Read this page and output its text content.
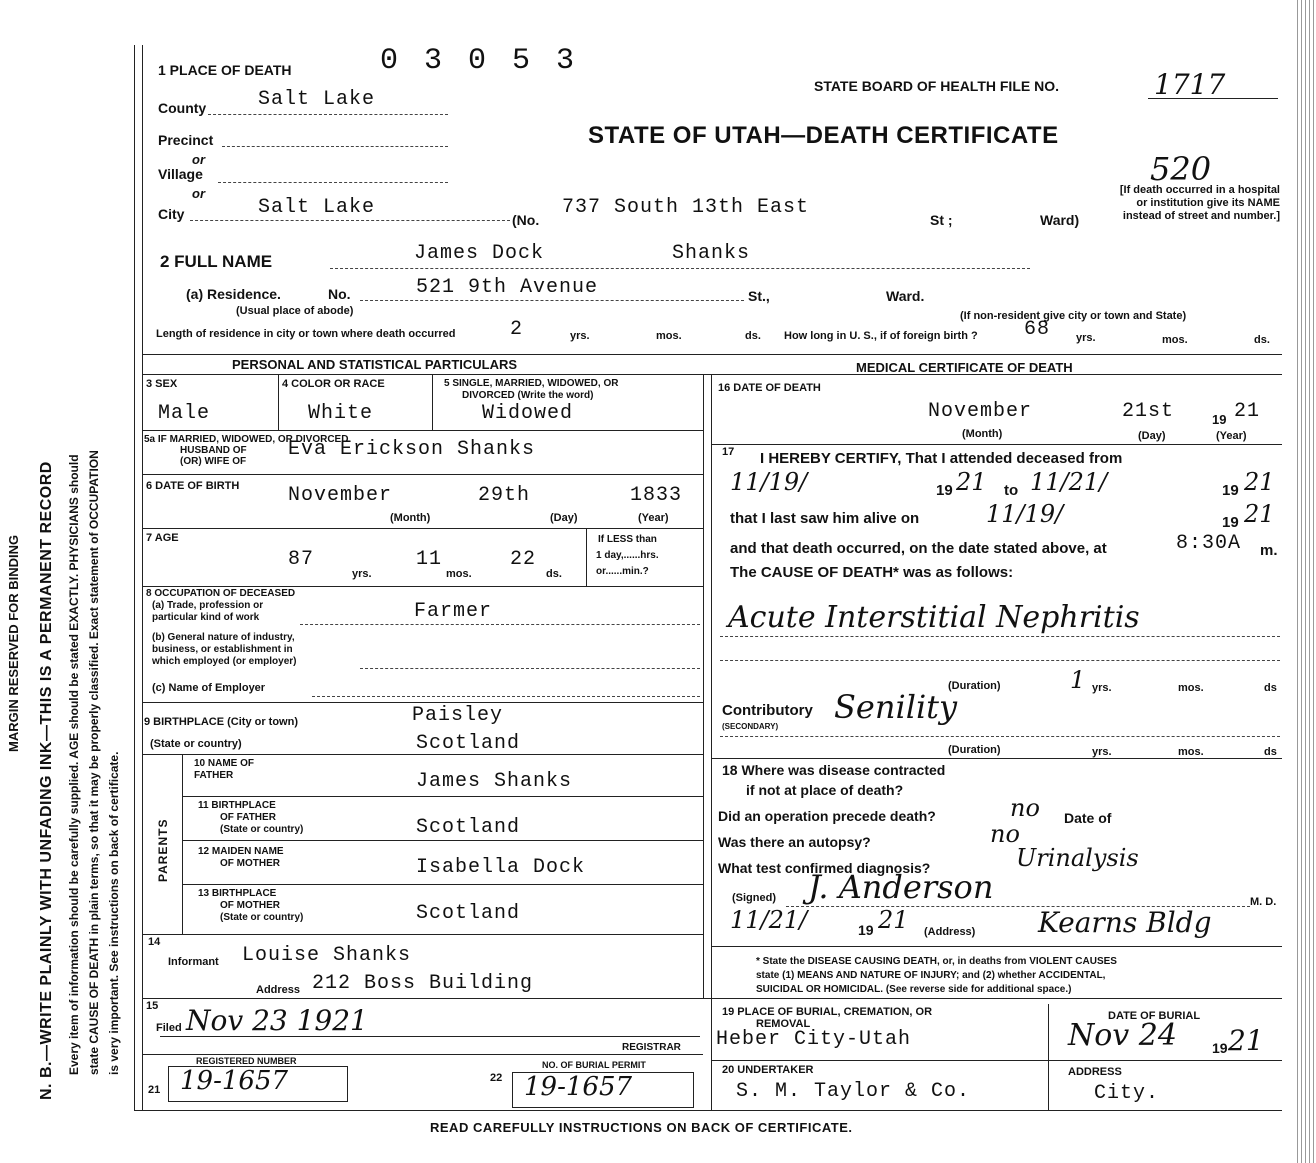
MARGIN RESERVED FOR BINDING N. B.—WRITE PLAINLY WITH UNFADING INK—THIS IS A PERMANENT RECORD Every item of information should be carefully supplied. AGE should be stated EXACTLY. PHYSICIANS should state CAUSE OF DEATH in plain terms, so that it may be properly classified. Exact statement of OCCUPATION is very important. See instructions on back of certificate.
1 PLACE OF DEATH	0 3 0 5 3
STATE BOARD OF HEALTH FILE NO.	1717
STATE OF UTAH—DEATH CERTIFICATE
520
[If death occurred in a hospital or institution give its NAME instead of street and number.]
County	Salt Lake
Precinct
or
Village
or
City	Salt Lake
(No.
737 South 13th East
St ;	Ward)
2 FULL NAME	James Dock	Shanks
(a) Residence.	No.	521 9th Avenue	St.,	Ward.
(Usual place of abode)	(If non-resident give city or town and State)
Length of residence in city or town where death occurred	2	yrs.	mos.	ds. How long in U. S., if of foreign birth ? 68 yrs.	mos.	ds.
PERSONAL AND STATISTICAL PARTICULARS	MEDICAL CERTIFICATE OF DEATH
3 SEX
Male
4 COLOR OR RACE
White
5 SINGLE, MARRIED, WIDOWED, OR
DIVORCED (Write the word)
Widowed
5a IF MARRIED, WIDOWED, OR DIVORCED
HUSBAND OF
(OR) WIFE OF
Eva Erickson Shanks
6 DATE OF BIRTH November	29th	1833
(Month)	(Day)	(Year)
7 AGE
87	11	22
yrs.	mos.	ds.
If LESS than
1 day,......hrs.
or......min.?
8 OCCUPATION OF DECEASED
(a) Trade, profession or
particular kind of work	Farmer
(b) General nature of industry,
business, or establishment in
which employed (or employer)
(c) Name of Employer
9 BIRTHPLACE (City or town)	Paisley
(State or country)	Scotland
PARENTS
10 NAME OF
FATHER	James Shanks
11 BIRTHPLACE
OF FATHER
(State or country)	Scotland
12 MAIDEN NAME
OF MOTHER	Isabella Dock
13 BIRTHPLACE
OF MOTHER
(State or country)	Scotland
14
Informant Louise Shanks
Address 212 Boss Building
15
Filed Nov 23 1921
REGISTRAR
REGISTERED NUMBER
21 19-1657
NO. OF BURIAL PERMIT
22 19-1657
16 DATE OF DEATH
November	21st	19 21
(Month)	(Day)	(Year)
17 I HEREBY CERTIFY, That I attended deceased from
11/19/	19 21 to 11/21/	19 21
that I last saw him alive on	11/19/	19 21
and that death occurred, on the date stated above, at	8:30A m.
The CAUSE OF DEATH* was as follows:
Acute Interstitial Nephritis
(Duration)	1 yrs.	mos.	ds
Contributory
(SECONDARY)
Senility
(Duration)	yrs.	mos.	ds
18 Where was disease contracted
if not at place of death?
Did an operation precede death?	no Date of
Was there an autopsy?	no
What test confirmed diagnosis?	Urinalysis
(Signed) J. Anderson	M. D.
11/21/	19 21 (Address) Kearns Bldg
* State the DISEASE CAUSING DEATH, or, in deaths from VIOLENT CAUSES
state (1) MEANS AND NATURE OF INJURY; and (2) whether ACCIDENTAL,
SUICIDAL OR HOMICIDAL. (See reverse side for additional space.)
19 PLACE OF BURIAL, CREMATION, OR
REMOVAL
Heber City-Utah
DATE OF BURIAL
Nov 24	19 21
20 UNDERTAKER
S. M. Taylor & Co.
ADDRESS
City.
READ CAREFULLY INSTRUCTIONS ON BACK OF CERTIFICATE.
